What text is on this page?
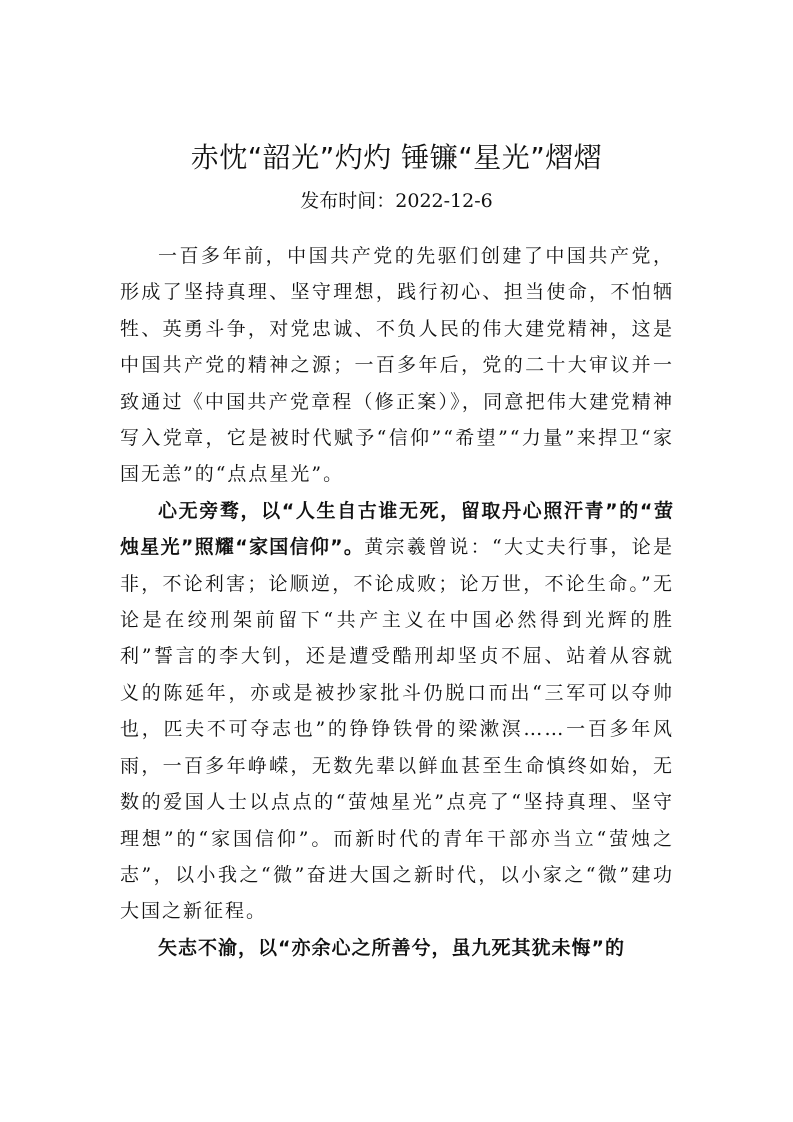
赤忱“韶光”灼灼 锤镰“星光”熠熠
发布时间：2022-12-6

一百多年前，中国共产党的先驱们创建了中国共产党，形成了坚持真理、坚守理想，践行初心、担当使命，不怕牺牲、英勇斗争，对党忠诚、不负人民的伟大建党精神，这是中国共产党的精神之源；一百多年后，党的二十大审议并一致通过《中国共产党章程（修正案）》，同意把伟大建党精神写入党章，它是被时代赋予“信仰”“希望”“力量”来捍卫“家国无恙”的“点点星光”。

心无旁骛，以“人生自古谁无死，留取丹心照汗青”的“萤烛星光”照耀“家国信仰”。黄宗羲曾说：“大丈夫行事，论是非，不论利害；论顺逆，不论成败；论万世，不论生命。”无论是在绞刑架前留下“共产主义在中国必然得到光辉的胜利”誓言的李大钊，还是遭受酷刑却坚贞不屈、站着从容就义的陈延年，亦或是被抄家批斗仍脱口而出“三军可以夺帅也，匹夫不可夺志也”的铮铮铁骨的梁漱溟……一百多年风雨，一百多年峥嵘，无数先辈以鲜血甚至生命慎终如始，无数的爱国人士以点点的“萤烛星光”点亮了“坚持真理、坚守理想”的“家国信仰”。而新时代的青年干部亦当立“萤烛之志”，以小我之“微”奋进大国之新时代，以小家之“微”建功大国之新征程。

矢志不渝，以“亦余心之所善兮，虽九死其犹未悔”的
